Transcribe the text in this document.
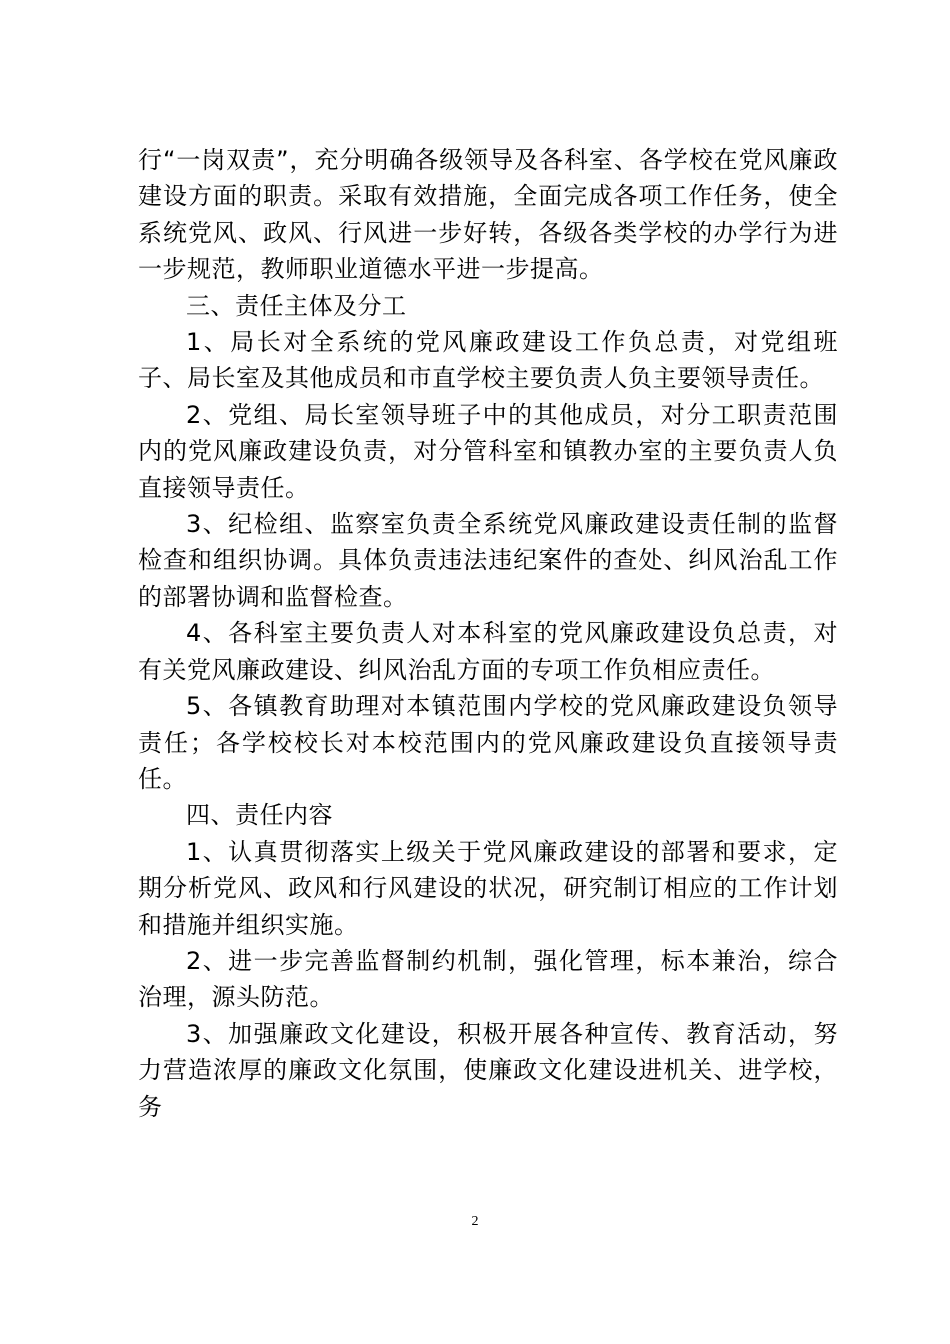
行“一岗双责”，充分明确各级领导及各科室、各学校在党风廉政建设方面的职责。采取有效措施，全面完成各项工作任务，使全系统党风、政风、行风进一步好转，各级各类学校的办学行为进一步规范，教师职业道德水平进一步提高。

三、责任主体及分工

1、局长对全系统的党风廉政建设工作负总责，对党组班子、局长室及其他成员和市直学校主要负责人负主要领导责任。

2、党组、局长室领导班子中的其他成员，对分工职责范围内的党风廉政建设负责，对分管科室和镇教办室的主要负责人负直接领导责任。

3、纪检组、监察室负责全系统党风廉政建设责任制的监督检查和组织协调。具体负责违法违纪案件的查处、纠风治乱工作的部署协调和监督检查。

4、各科室主要负责人对本科室的党风廉政建设负总责，对有关党风廉政建设、纠风治乱方面的专项工作负相应责任。

5、各镇教育助理对本镇范围内学校的党风廉政建设负领导责任；各学校校长对本校范围内的党风廉政建设负直接领导责任。

四、责任内容

1、认真贯彻落实上级关于党风廉政建设的部署和要求，定期分析党风、政风和行风建设的状况，研究制订相应的工作计划和措施并组织实施。

2、进一步完善监督制约机制，强化管理，标本兼治，综合治理，源头防范。

3、加强廉政文化建设，积极开展各种宣传、教育活动，努力营造浓厚的廉政文化氛围，使廉政文化建设进机关、进学校，务

2
